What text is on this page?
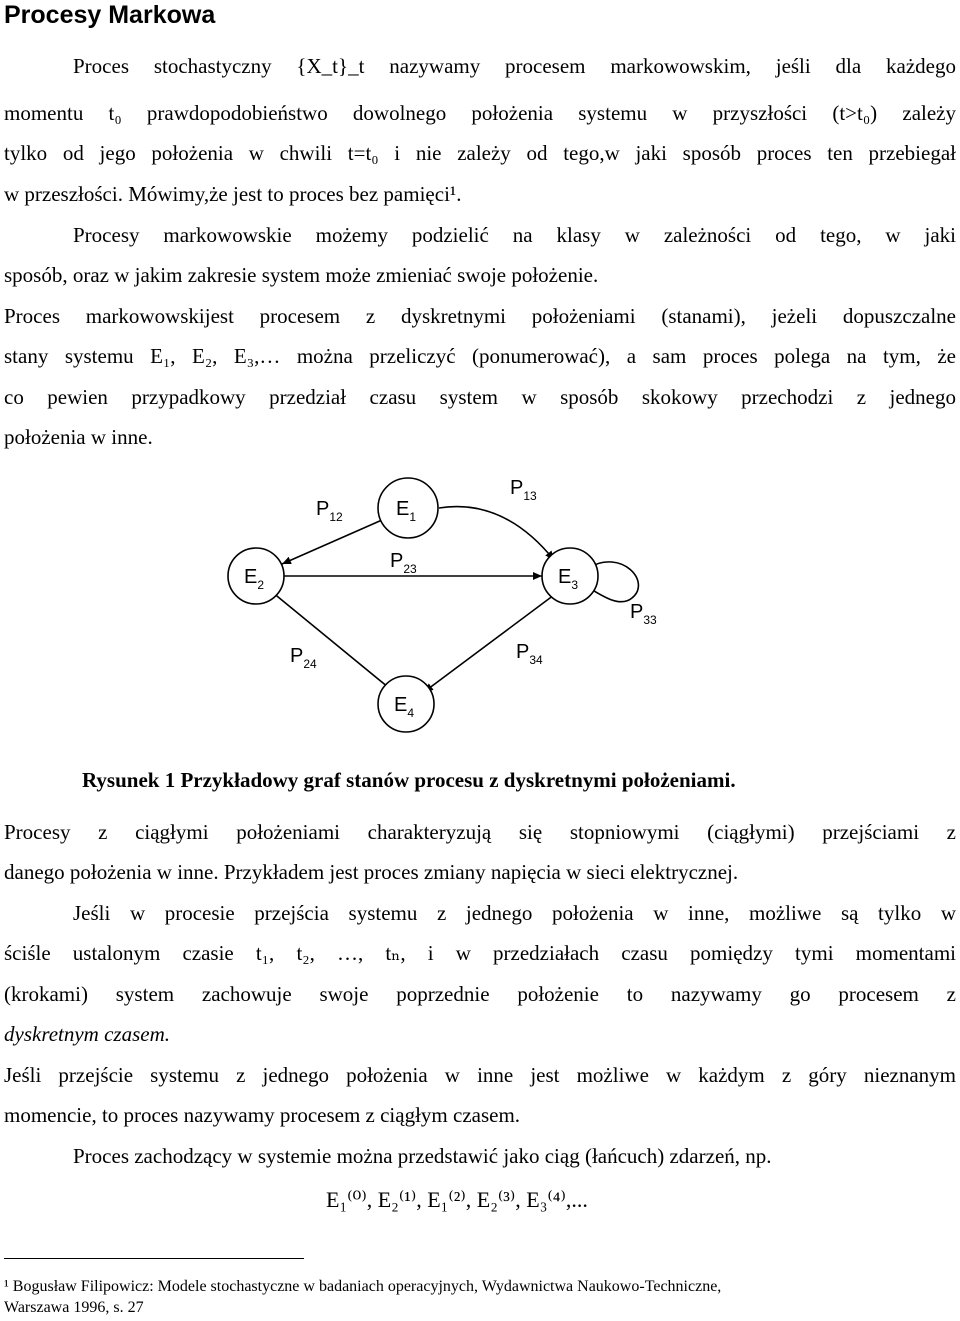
Procesy Markowa
Proces stochastyczny {X_t}_t nazywamy procesem markowowskim, jeśli dla każdego
momentu t₀ prawdopodobieństwo dowolnego położenia systemu w przyszłości (t>t₀) zależy
tylko od jego położenia w chwili t=t₀ i nie zależy od tego,w jaki sposób proces ten przebiegał
w przeszłości. Mówimy,że jest to proces bez pamięci¹.
Procesy markowowskie możemy podzielić na klasy w zależności od tego, w jaki
sposób, oraz w jakim zakresie system może zmieniać swoje położenie.
Proces markowowskijest procesem z dyskretnymi położeniami (stanami), jeżeli dopuszczalne
stany systemu E₁, E₂, E₃,… można przeliczyć (ponumerować), a sam proces polega na tym, że
co pewien przypadkowy przedział czasu system w sposób skokowy przechodzi z jednego
położenia w inne.
$E_1$
$E_2$	$E_3$
$E_4$
$P_{12}$
$P_{13}$
$P_{23}$
$P_{33}$
$P_{24}$
$P_{34}$
Rysunek 1 Przykładowy graf stanów procesu z dyskretnymi położeniami.
Procesy z ciągłymi położeniami charakteryzują się stopniowymi (ciągłymi) przejściami z
danego położenia w inne. Przykładem jest proces zmiany napięcia w sieci elektrycznej.
Jeśli w procesie przejścia systemu z jednego położenia w inne, możliwe są tylko w
ściśle ustalonym czasie t₁, t₂, …, tₙ, i w przedziałach czasu pomiędzy tymi momentami
(krokami) system zachowuje swoje poprzednie położenie to nazywamy go procesem z
dyskretnym czasem.
Jeśli przejście systemu z jednego położenia w inne jest możliwe w każdym z góry nieznanym
momencie, to proces nazywamy procesem z ciągłym czasem.
Proces zachodzący w systemie można przedstawić jako ciąg (łańcuch) zdarzeń, np.
E₁⁽⁰⁾, E₂⁽¹⁾, E₁⁽²⁾, E₂⁽³⁾, E₃⁽⁴⁾,...
¹ Bogusław Filipowicz: Modele stochastyczne w badaniach operacyjnych, Wydawnictwa Naukowo-Techniczne,
Warszawa 1996, s. 27
